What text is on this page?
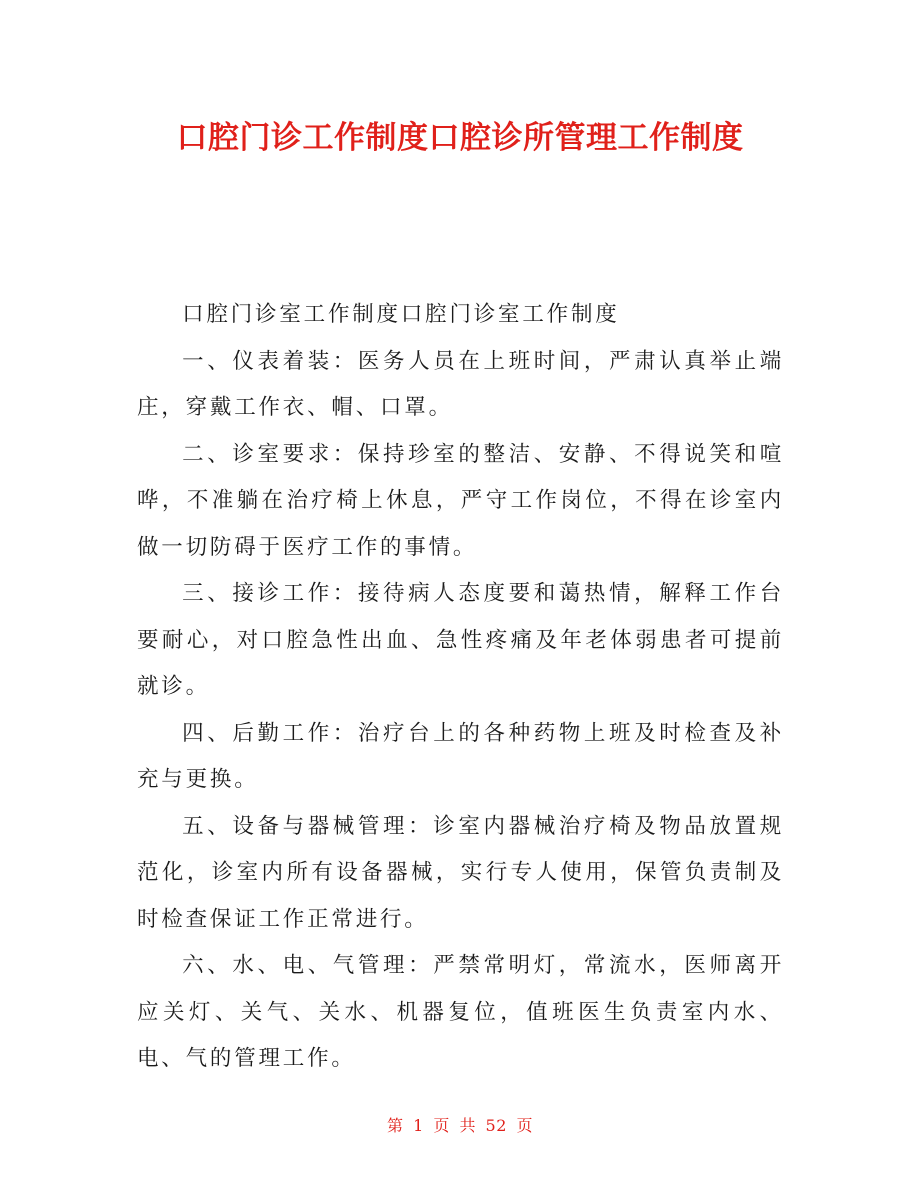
口腔门诊工作制度口腔诊所管理工作制度

口腔门诊室工作制度口腔门诊室工作制度

一、仪表着装：医务人员在上班时间，严肃认真举止端庄，穿戴工作衣、帽、口罩。

二、诊室要求：保持珍室的整洁、安静、不得说笑和喧哗，不准躺在治疗椅上休息，严守工作岗位，不得在诊室内做一切防碍于医疗工作的事情。

三、接诊工作：接待病人态度要和蔼热情，解释工作台要耐心，对口腔急性出血、急性疼痛及年老体弱患者可提前就诊。

四、后勤工作：治疗台上的各种药物上班及时检查及补充与更换。

五、设备与器械管理：诊室内器械治疗椅及物品放置规范化，诊室内所有设备器械，实行专人使用，保管负责制及时检查保证工作正常进行。

六、水、电、气管理：严禁常明灯，常流水，医师离开应关灯、关气、关水、机器复位，值班医生负责室内水、电、气的管理工作。

第 1 页 共 52 页
